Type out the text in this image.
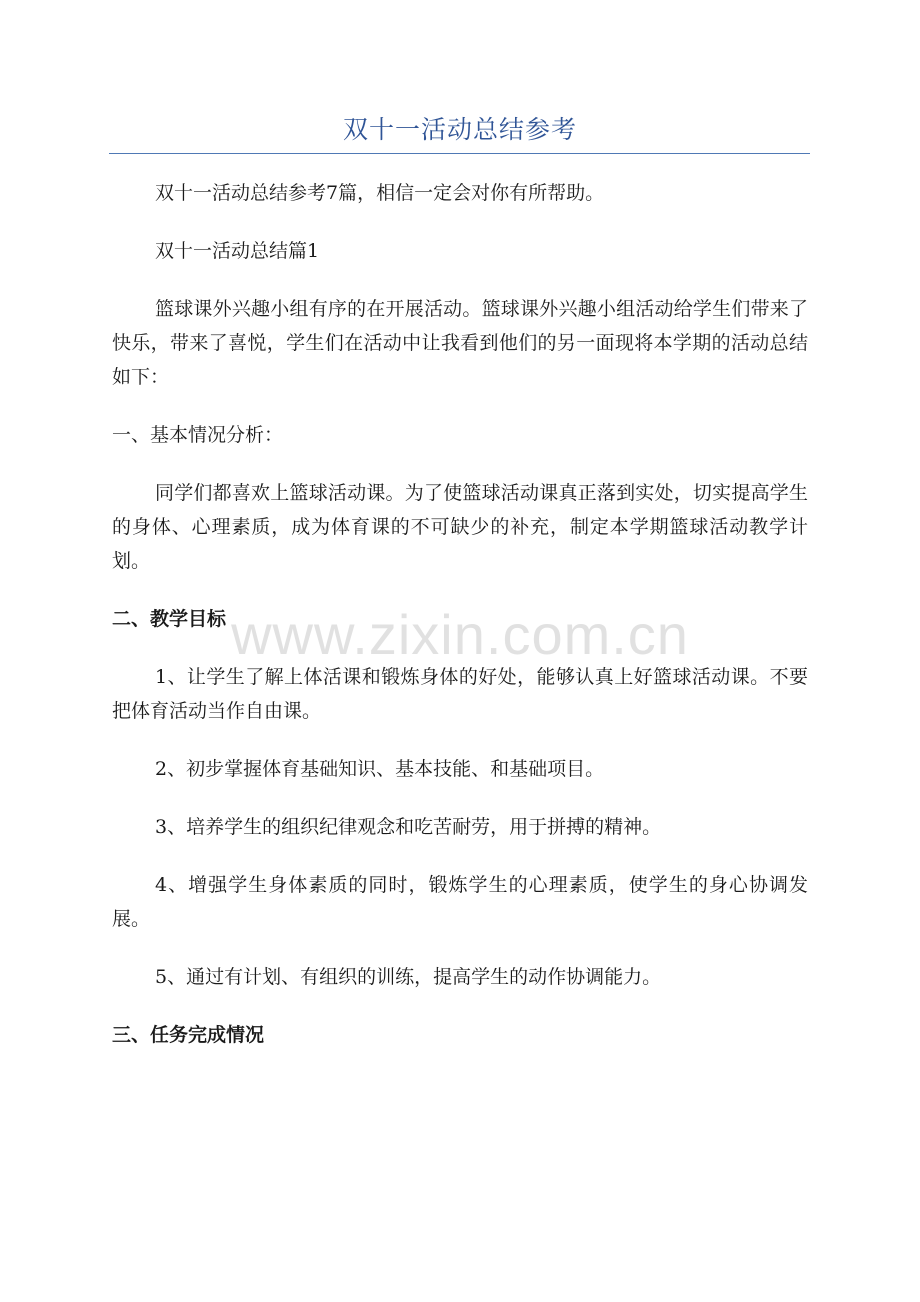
双十一活动总结参考

双十一活动总结参考7篇，相信一定会对你有所帮助。

双十一活动总结篇1

篮球课外兴趣小组有序的在开展活动。篮球课外兴趣小组活动给学生们带来了快乐，带来了喜悦，学生们在活动中让我看到他们的另一面现将本学期的活动总结如下：

一、基本情况分析：

同学们都喜欢上篮球活动课。为了使篮球活动课真正落到实处，切实提高学生的身体、心理素质，成为体育课的不可缺少的补充，制定本学期篮球活动教学计划。

二、教学目标

1、让学生了解上体活课和锻炼身体的好处，能够认真上好篮球活动课。不要把体育活动当作自由课。

2、初步掌握体育基础知识、基本技能、和基础项目。

3、培养学生的组织纪律观念和吃苦耐劳，用于拼搏的精神。

4、增强学生身体素质的同时，锻炼学生的心理素质，使学生的身心协调发展。

5、通过有计划、有组织的训练，提高学生的动作协调能力。

三、任务完成情况

www.zixin.com.cn
